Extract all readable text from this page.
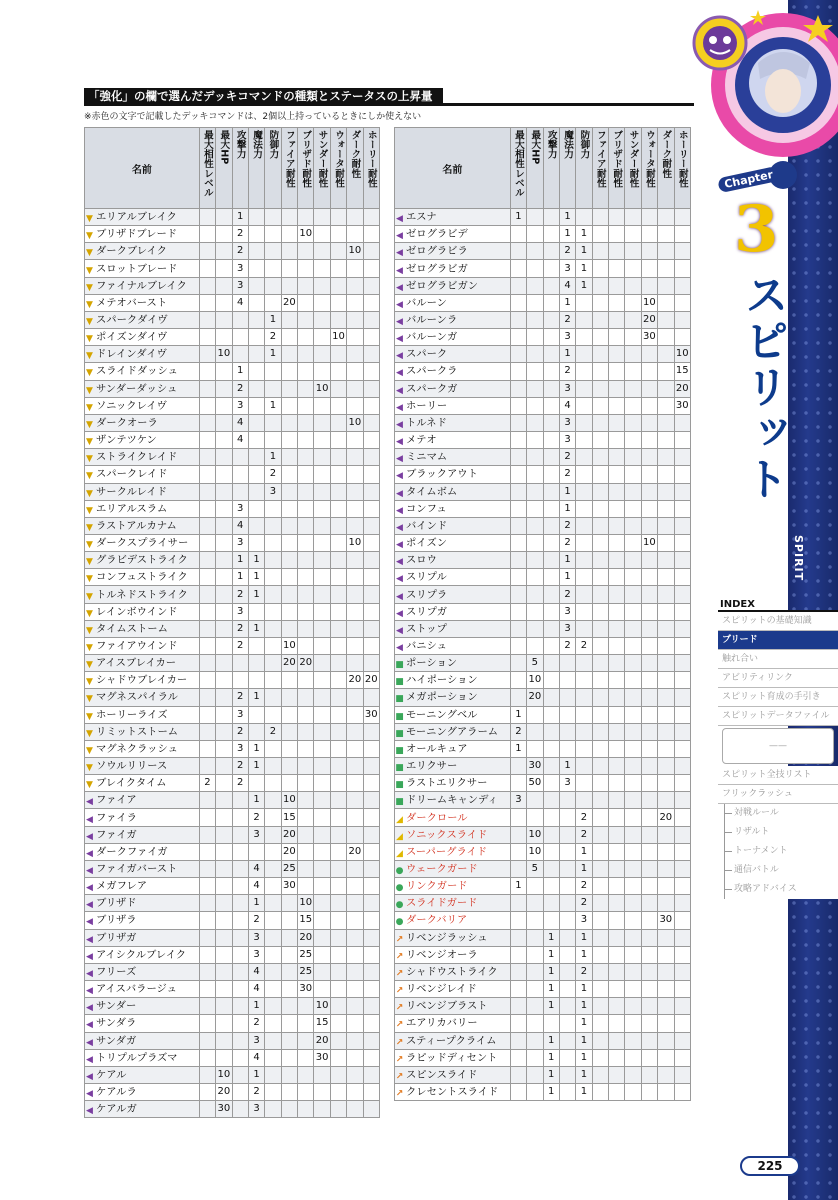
「強化」の欄で選んだデッキコマンドの種類とステータスの上昇量
※赤色の文字で記載したデッキコマンドは、2個以上持っているときにしか使えない
名前	最大相性レベル	最大HP	攻撃力	魔法力	防御力	ファイア耐性	ブリザド耐性	サンダー耐性	ウォータ耐性	ダーク耐性	ホーリー耐性
▼ エリアルブレイク			1								
▼ ブリザドブレード			2				10				
▼ ダークブレイク			2							10	
▼ スロットブレード			3								
▼ ファイナルブレイク			3								
▼ メテオバースト			4			20					
▼ スパークダイヴ					1						
▼ ポイズンダイヴ					2				10		
▼ ドレインダイヴ		10			1						
▼ スライドダッシュ			1								
▼ サンダーダッシュ			2					10			
▼ ソニックレイヴ			3		1						
▼ ダークオーラ			4							10	
▼ ザンテツケン			4								
▼ ストライクレイド					1						
▼ スパークレイド					2						
▼ サークルレイド					3						
▼ エリアルスラム			3								
▼ ラストアルカナム			4								
▼ ダークスプライサー			3							10	
▼ グラビデストライク			1	1							
▼ コンフュストライク			1	1							
▼ トルネドストライク			2	1							
▼ レインボウインド			3								
▼ タイムストーム			2	1							
▼ ファイアウインド			2			10					
▼ アイスブレイカー						20	20				
▼ シャドウブレイカー										20	20
▼ マグネスパイラル			2	1							
▼ ホーリーライズ			3								30
▼ リミットストーム			2		2						
▼ マグネクラッシュ			3	1							
▼ ソウルリリース			2	1							
▼ ブレイクタイム	2		2								
◀ ファイア				1		10					
◀ ファイラ				2		15					
◀ ファイガ				3		20					
◀ ダークファイガ						20				20	
◀ ファイガバースト				4		25					
◀ メガフレア				4		30					
◀ ブリザド				1			10				
◀ ブリザラ				2			15				
◀ ブリザガ				3			20				
◀ アイシクルブレイク				3			25				
◀ フリーズ				4			25				
◀ アイスバラージュ				4			30				
◀ サンダー				1				10			
◀ サンダラ				2				15			
◀ サンダガ				3				20			
◀ トリプルプラズマ				4				30			
◀ ケアル		10		1							
◀ ケアルラ		20		2							
◀ ケアルガ		30		3							
名前	最大相性レベル	最大HP	攻撃力	魔法力	防御力	ファイア耐性	ブリザド耐性	サンダー耐性	ウォータ耐性	ダーク耐性	ホーリー耐性
◀ エスナ	1			1							
◀ ゼログラビデ				1	1						
◀ ゼログラビラ				2	1						
◀ ゼログラビガ				3	1						
◀ ゼログラビガン				4	1						
◀ バルーン				1					10		
◀ バルーンラ				2					20		
◀ バルーンガ				3					30		
◀ スパーク				1							10
◀ スパークラ				2							15
◀ スパークガ				3							20
◀ ホーリー				4							30
◀ トルネド				3							
◀ メテオ				3							
◀ ミニマム				2							
◀ ブラックアウト				2							
◀ タイムボム				1							
◀ コンフュ				1							
◀ バインド				2							
◀ ポイズン				2					10		
◀ スロウ				1							
◀ スリプル				1							
◀ スリプラ				2							
◀ スリプガ				3							
◀ ストップ				3							
◀ バニシュ				2	2						
■ ポーション		5									
■ ハイポーション		10									
■ メガポーション		20									
■ モーニングベル	1										
■ モーニングアラーム	2										
■ オールキュア	1										
■ エリクサー		30		1							
■ ラストエリクサー		50		3							
■ ドリームキャンディ	3										
◢ ダークロール					2					20	
◢ ソニックスライド		10			2						
◢ スーパーグライド		10			1						
● ウェークガード		5			1						
● リンクガード	1				2						
● スライドガード					2						
● ダークバリア					3					30	
↗ リベンジラッシュ			1		1						
↗ リベンジオーラ			1		1						
↗ シャドウストライク			1		2						
↗ リベンジレイド			1		1						
↗ リベンジブラスト			1		1						
↗ エアリカバリー					1						
↗ スティープクライム			1		1						
↗ ラピッドディセント			1		1						
↗ スピンスライド			1		1						
↗ クレセントスライド			1		1						
Chapter
3
スピリット
SPIRIT
INDEX
スピリットの基礎知識
ブリード
触れ合い
アビリティリンク
スピリット育成の手引き
スピリットデータファイル
——
スピリット全技リスト
フリックラッシュ
対戦ルール
リザルト
トーナメント
通信バトル
攻略アドバイス
225
